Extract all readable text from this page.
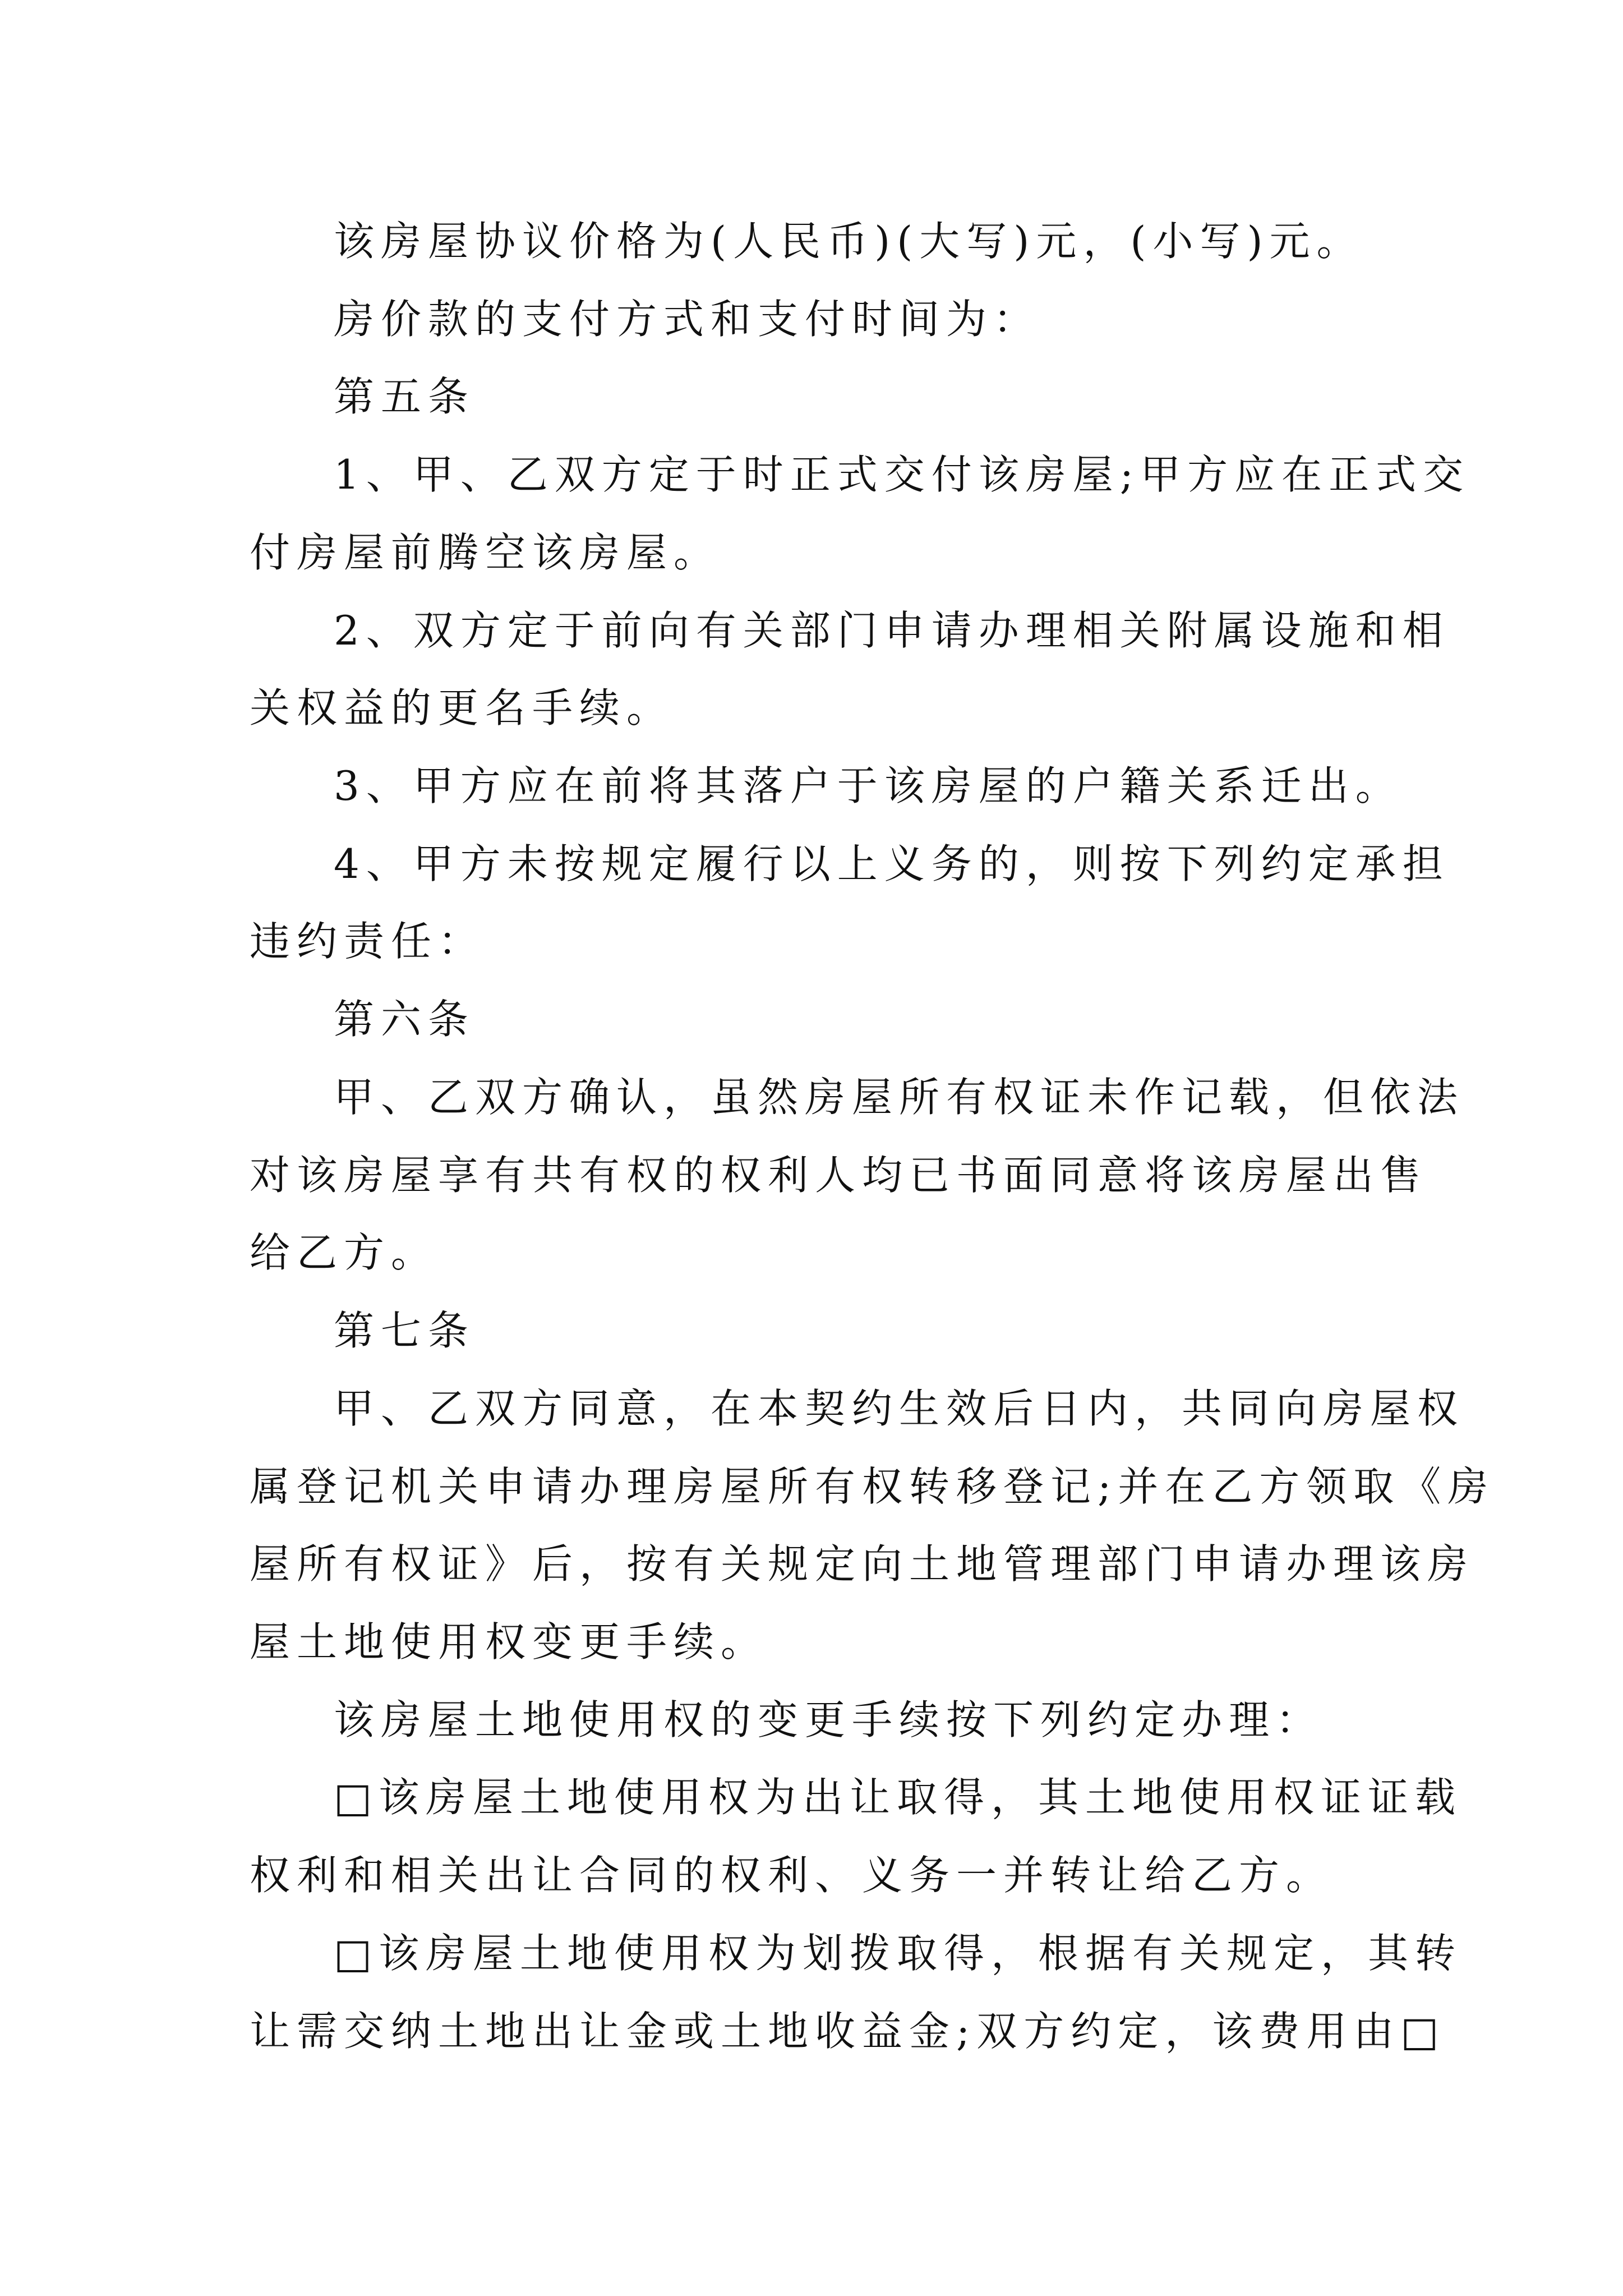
该房屋协议价格为(人民币)(大写)元，(小写)元。
房价款的支付方式和支付时间为：
第五条
1、甲、乙双方定于时正式交付该房屋;甲方应在正式交
付房屋前腾空该房屋。
2、双方定于前向有关部门申请办理相关附属设施和相
关权益的更名手续。
3、甲方应在前将其落户于该房屋的户籍关系迁出。
4、甲方未按规定履行以上义务的，则按下列约定承担
违约责任：
第六条
甲、乙双方确认，虽然房屋所有权证未作记载，但依法
对该房屋享有共有权的权利人均已书面同意将该房屋出售
给乙方。
第七条
甲、乙双方同意，在本契约生效后日内，共同向房屋权
属登记机关申请办理房屋所有权转移登记;并在乙方领取《房
屋所有权证》后，按有关规定向土地管理部门申请办理该房
屋土地使用权变更手续。
该房屋土地使用权的变更手续按下列约定办理：
□该房屋土地使用权为出让取得，其土地使用权证证载
权利和相关出让合同的权利、义务一并转让给乙方。
□该房屋土地使用权为划拨取得，根据有关规定，其转
让需交纳土地出让金或土地收益金;双方约定，该费用由□
